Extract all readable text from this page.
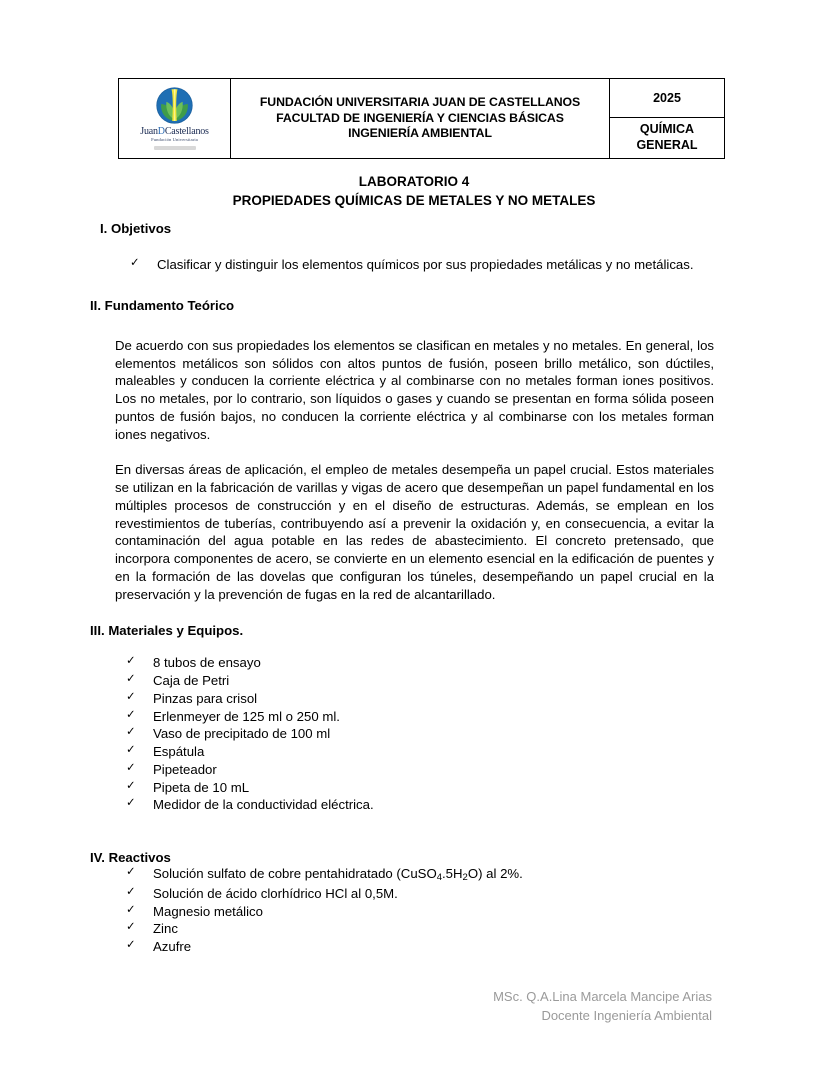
JuanDCastellanos
Fundación Universitaria

FUNDACIÓN UNIVERSITARIA JUAN DE CASTELLANOS
FACULTAD DE INGENIERÍA Y CIENCIAS BÁSICAS
INGENIERÍA AMBIENTAL
	2025

QUÍMICA
GENERAL
LABORATORIO 4
PROPIEDADES QUÍMICAS DE METALES Y NO METALES
I. Objetivos
✓ Clasificar y distinguir los elementos químicos por sus propiedades metálicas y no metálicas.
II. Fundamento Teórico

De acuerdo con sus propiedades los elementos se clasifican en metales y no metales. En general, los elementos metálicos son sólidos con altos puntos de fusión, poseen brillo metálico, son dúctiles, maleables y conducen la corriente eléctrica y al combinarse con no metales forman iones positivos. Los no metales, por lo contrario, son líquidos o gases y cuando se presentan en forma sólida poseen puntos de fusión bajos, no conducen la corriente eléctrica y al combinarse con los metales forman iones negativos.

En diversas áreas de aplicación, el empleo de metales desempeña un papel crucial. Estos materiales se utilizan en la fabricación de varillas y vigas de acero que desempeñan un papel fundamental en los múltiples procesos de construcción y en el diseño de estructuras. Además, se emplean en los revestimientos de tuberías, contribuyendo así a prevenir la oxidación y, en consecuencia, a evitar la contaminación del agua potable en las redes de abastecimiento. El concreto pretensado, que incorpora componentes de acero, se convierte en un elemento esencial en la edificación de puentes y en la formación de las dovelas que configuran los túneles, desempeñando un papel crucial en la preservación y la prevención de fugas en la red de alcantarillado.

III. Materiales y Equipos.
✓ 8 tubos de ensayo
✓ Caja de Petri
✓ Pinzas para crisol
✓ Erlenmeyer de 125 ml o 250 ml.
✓ Vaso de precipitado de 100 ml
✓ Espátula
✓ Pipeteador
✓ Pipeta de 10 mL
✓ Medidor de la conductividad eléctrica.
IV. Reactivos
✓ Solución sulfato de cobre pentahidratado $(CuSO_4.5H_2O)$ al 2%.
✓ Solución de ácido clorhídrico HCl al 0,5M.
✓ Magnesio metálico
✓ Zinc
✓ Azufre
MSc. Q.A.Lina Marcela Mancipe Arias
Docente Ingeniería Ambiental
